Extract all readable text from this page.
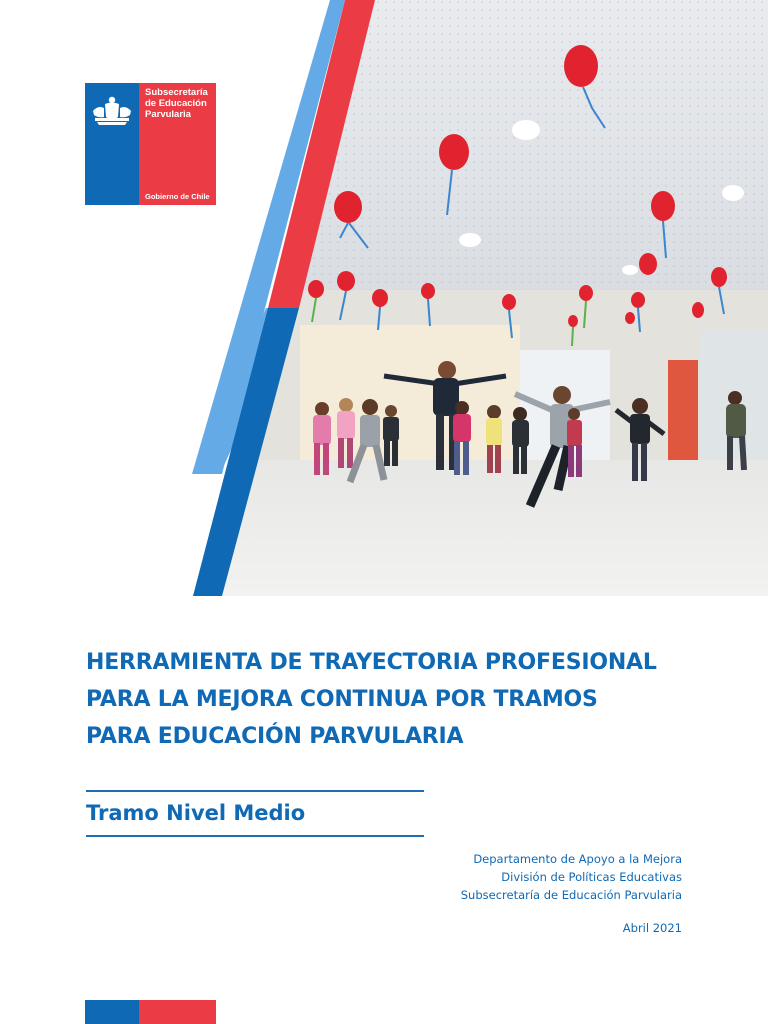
Subsecretaría
de Educación
Parvularia
Gobierno de Chile
HERRAMIENTA DE TRAYECTORIA PROFESIONAL
PARA LA MEJORA CONTINUA POR TRAMOS
PARA EDUCACIÓN PARVULARIA
Tramo Nivel Medio
Departamento de Apoyo a la Mejora
División de Políticas Educativas
Subsecretaría de Educación Parvularia
Abril 2021
